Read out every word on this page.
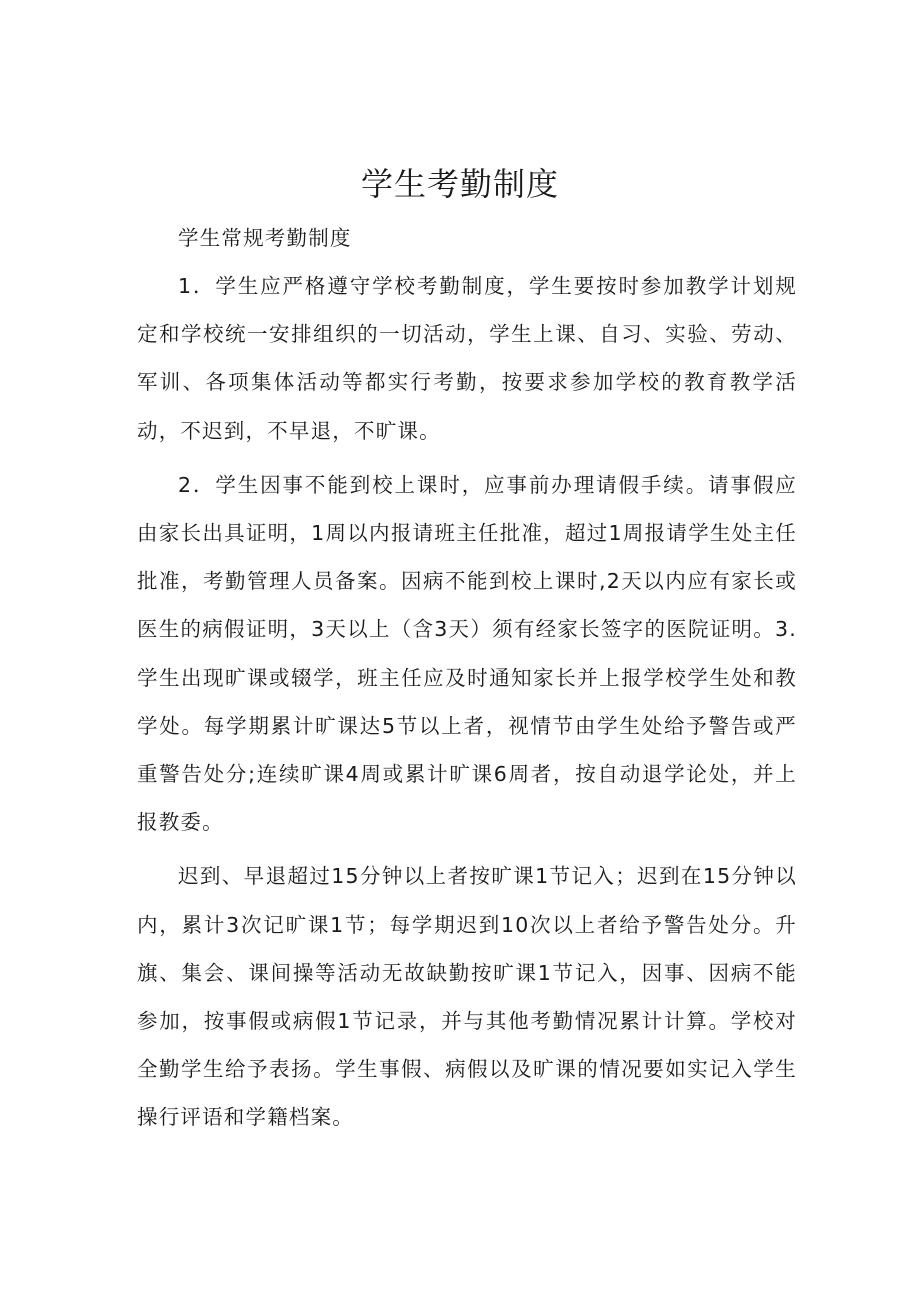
学生考勤制度

学生常规考勤制度

1．学生应严格遵守学校考勤制度，学生要按时参加教学计划规定和学校统一安排组织的一切活动，学生上课、自习、实验、劳动、军训、各项集体活动等都实行考勤，按要求参加学校的教育教学活动，不迟到，不早退，不旷课。

2．学生因事不能到校上课时，应事前办理请假手续。请事假应由家长出具证明，1周以内报请班主任批准，超过1周报请学生处主任批准，考勤管理人员备案。因病不能到校上课时,2天以内应有家长或医生的病假证明，3天以上（含3天）须有经家长签字的医院证明。3.学生出现旷课或辍学，班主任应及时通知家长并上报学校学生处和教学处。每学期累计旷课达5节以上者，视情节由学生处给予警告或严重警告处分;连续旷课4周或累计旷课6周者，按自动退学论处，并上报教委。

迟到、早退超过15分钟以上者按旷课1节记入；迟到在15分钟以内，累计3次记旷课1节；每学期迟到10次以上者给予警告处分。升旗、集会、课间操等活动无故缺勤按旷课1节记入，因事、因病不能参加，按事假或病假1节记录，并与其他考勤情况累计计算。学校对全勤学生给予表扬。学生事假、病假以及旷课的情况要如实记入学生操行评语和学籍档案。
